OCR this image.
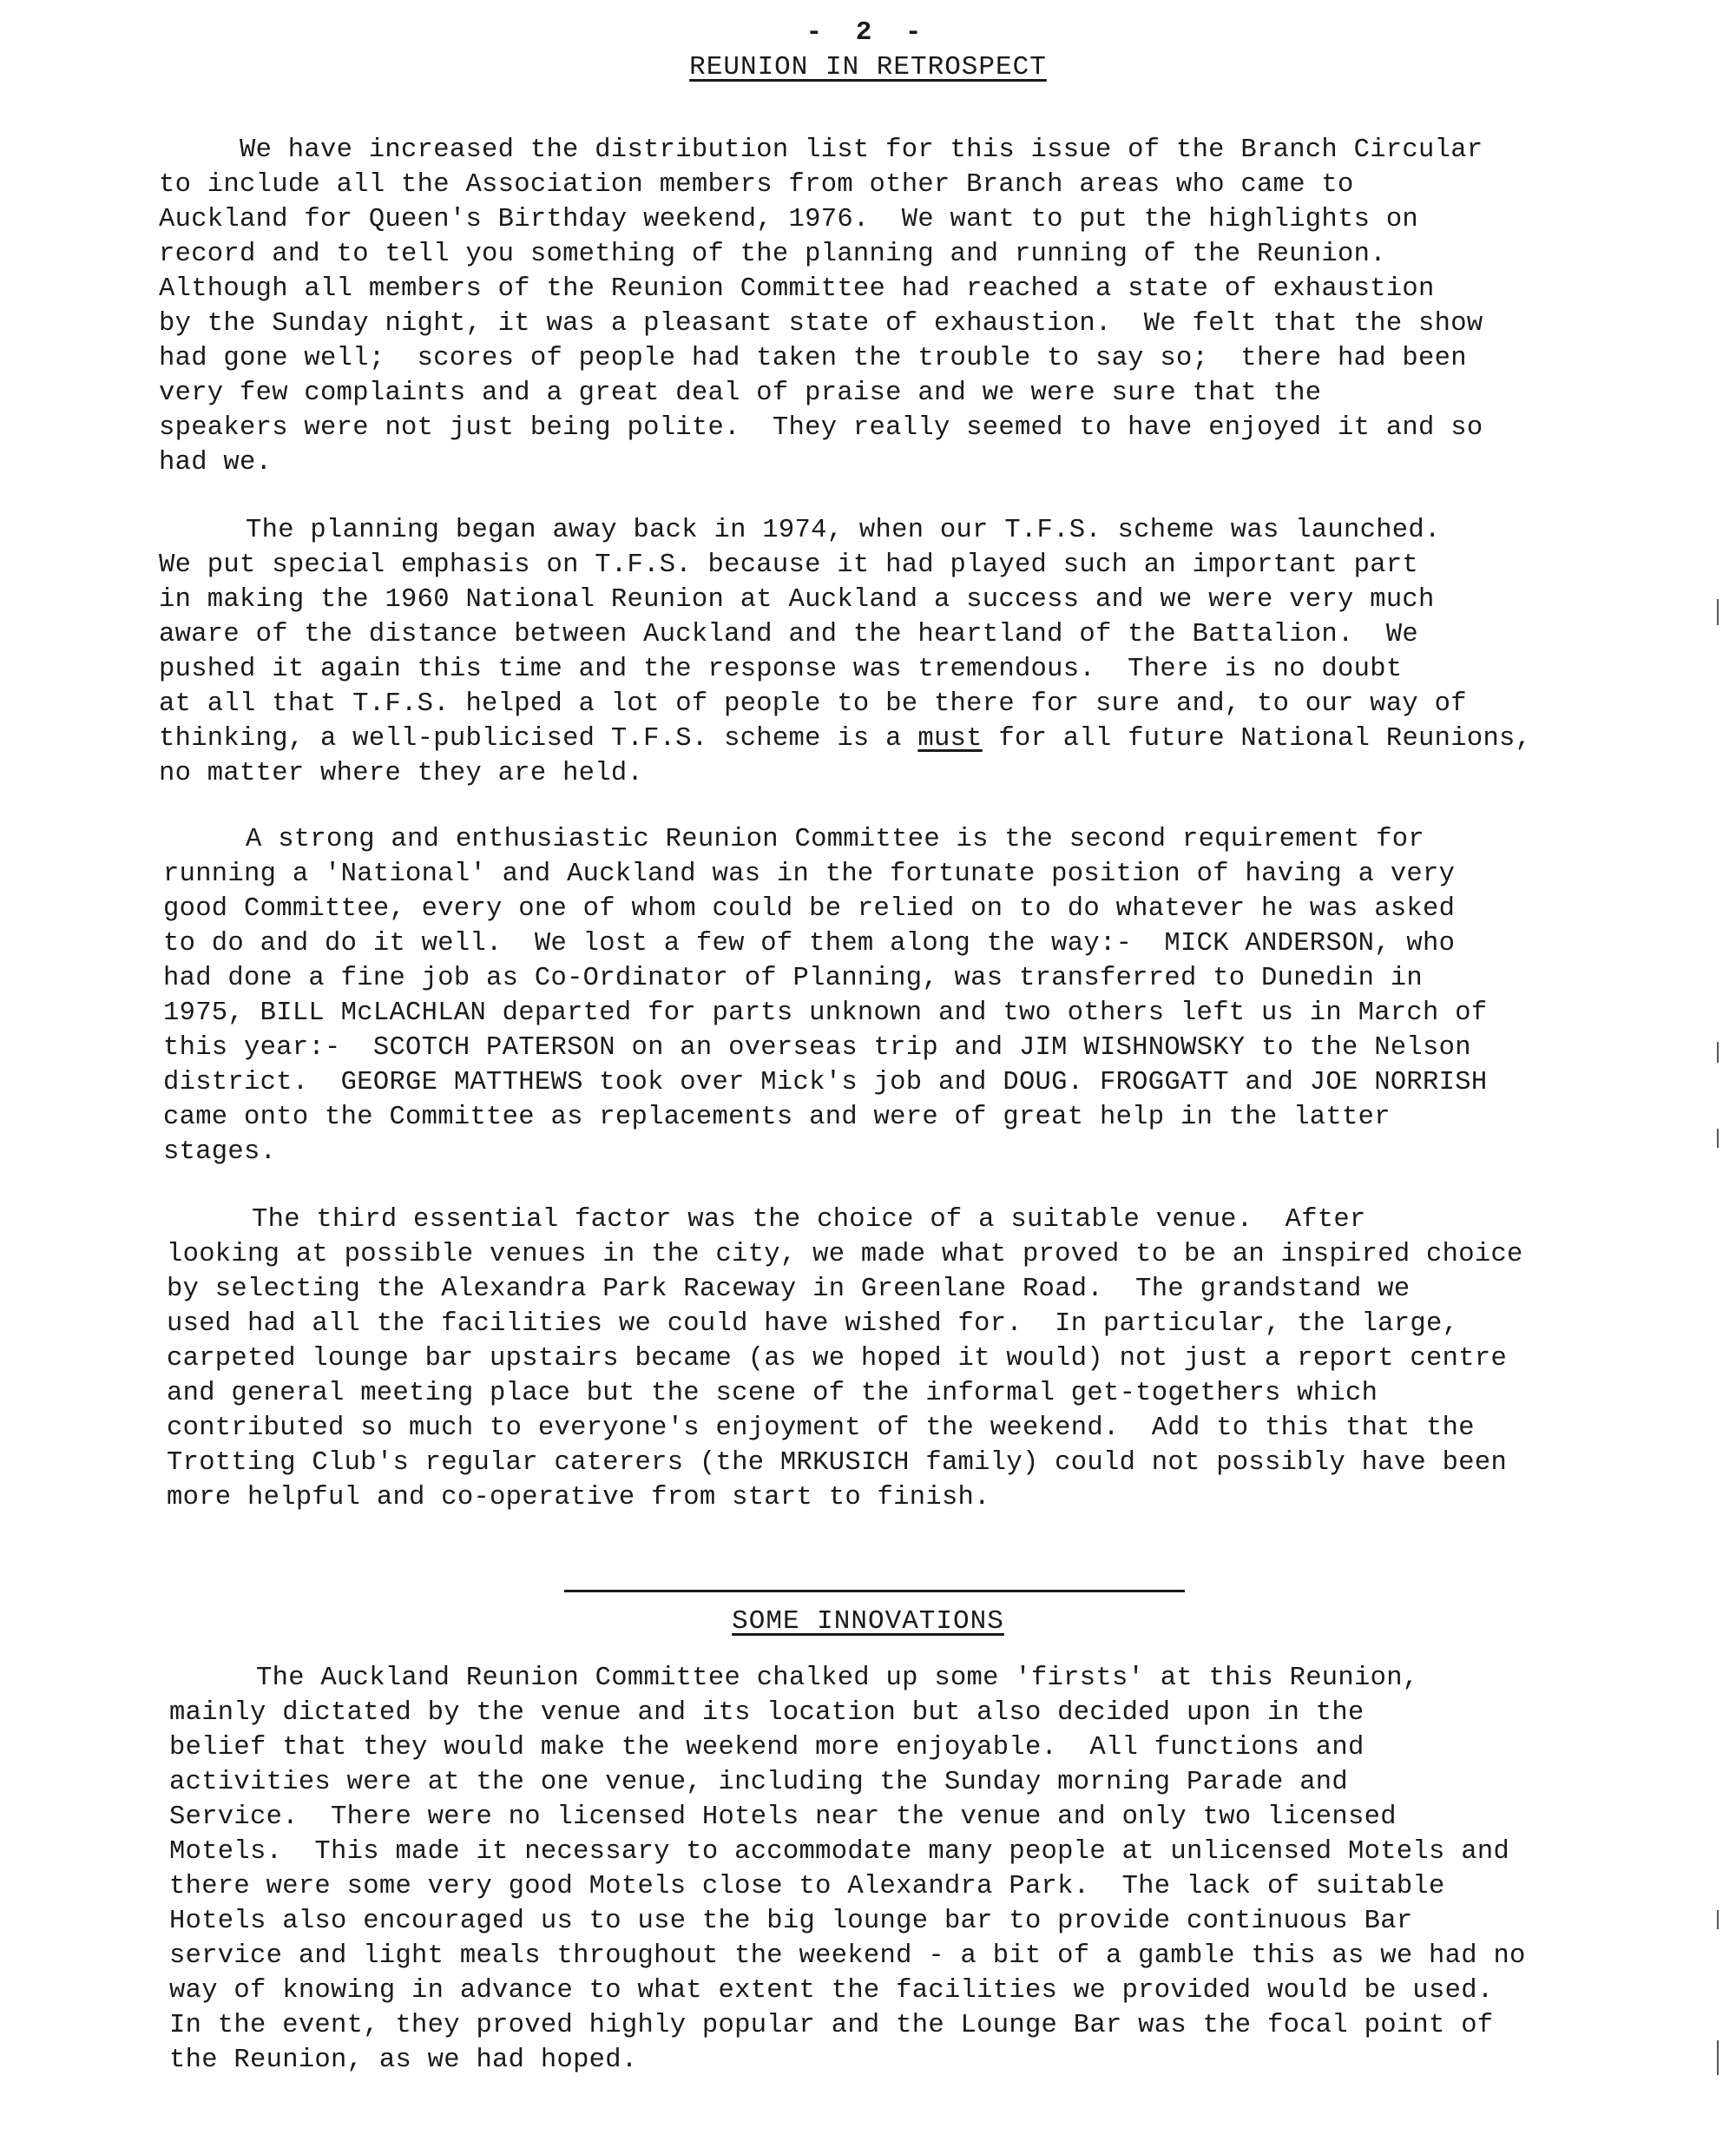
- 2 -
REUNION IN RETROSPECT
We have increased the distribution list for this issue of the Branch Circular
to include all the Association members from other Branch areas who came to
Auckland for Queen's Birthday weekend, 1976.  We want to put the highlights on
record and to tell you something of the planning and running of the Reunion.
Although all members of the Reunion Committee had reached a state of exhaustion
by the Sunday night, it was a pleasant state of exhaustion.  We felt that the show
had gone well;  scores of people had taken the trouble to say so;  there had been
very few complaints and a great deal of praise and we were sure that the
speakers were not just being polite.  They really seemed to have enjoyed it and so
had we.
The planning began away back in 1974, when our T.F.S. scheme was launched.
We put special emphasis on T.F.S. because it had played such an important part
in making the 1960 National Reunion at Auckland a success and we were very much
aware of the distance between Auckland and the heartland of the Battalion.  We
pushed it again this time and the response was tremendous.  There is no doubt
at all that T.F.S. helped a lot of people to be there for sure and, to our way of
thinking, a well-publicised T.F.S. scheme is a must for all future National Reunions,
no matter where they are held.
A strong and enthusiastic Reunion Committee is the second requirement for
running a 'National' and Auckland was in the fortunate position of having a very
good Committee, every one of whom could be relied on to do whatever he was asked
to do and do it well.  We lost a few of them along the way:-  MICK ANDERSON, who
had done a fine job as Co-Ordinator of Planning, was transferred to Dunedin in
1975, BILL McLACHLAN departed for parts unknown and two others left us in March of
this year:-  SCOTCH PATERSON on an overseas trip and JIM WISHNOWSKY to the Nelson
district.  GEORGE MATTHEWS took over Mick's job and DOUG. FROGGATT and JOE NORRISH
came onto the Committee as replacements and were of great help in the latter
stages.
The third essential factor was the choice of a suitable venue.  After
looking at possible venues in the city, we made what proved to be an inspired choice
by selecting the Alexandra Park Raceway in Greenlane Road.  The grandstand we
used had all the facilities we could have wished for.  In particular, the large,
carpeted lounge bar upstairs became (as we hoped it would) not just a report centre
and general meeting place but the scene of the informal get-togethers which
contributed so much to everyone's enjoyment of the weekend.  Add to this that the
Trotting Club's regular caterers (the MRKUSICH family) could not possibly have been
more helpful and co-operative from start to finish.
SOME INNOVATIONS
The Auckland Reunion Committee chalked up some 'firsts' at this Reunion,
mainly dictated by the venue and its location but also decided upon in the
belief that they would make the weekend more enjoyable.  All functions and
activities were at the one venue, including the Sunday morning Parade and
Service.  There were no licensed Hotels near the venue and only two licensed
Motels.  This made it necessary to accommodate many people at unlicensed Motels and
there were some very good Motels close to Alexandra Park.  The lack of suitable
Hotels also encouraged us to use the big lounge bar to provide continuous Bar
service and light meals throughout the weekend - a bit of a gamble this as we had no
way of knowing in advance to what extent the facilities we provided would be used.
In the event, they proved highly popular and the Lounge Bar was the focal point of
the Reunion, as we had hoped.
